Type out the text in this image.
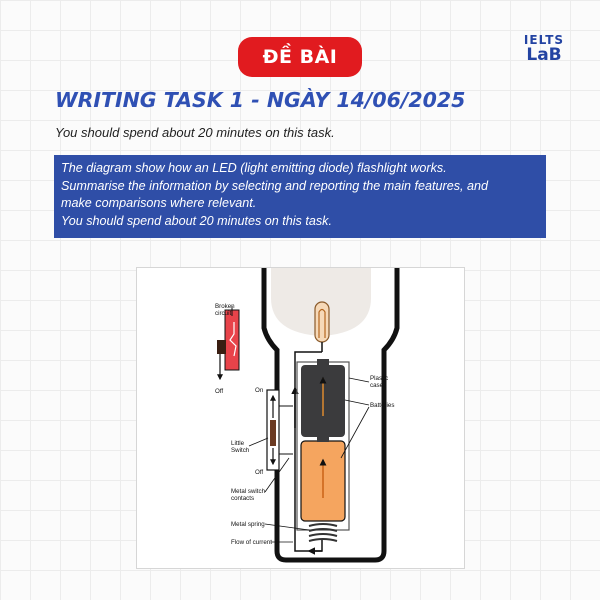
ĐỀ BÀI
IELTS
LaB
WRITING TASK 1 - NGÀY 14/06/2025

You should spend about 20 minutes on this task.

The diagram show how an LED (light emitting diode) flashlight works.

Summarise the information by selecting and reporting the main features, and

make comparisons where relevant.

You should spend about 20 minutes on this task.

Broken
circuit
Off	On
Off
Little
Switch
Metal switch
contacts
Metal spring
Flow of current
Plastic
case
Batteries
